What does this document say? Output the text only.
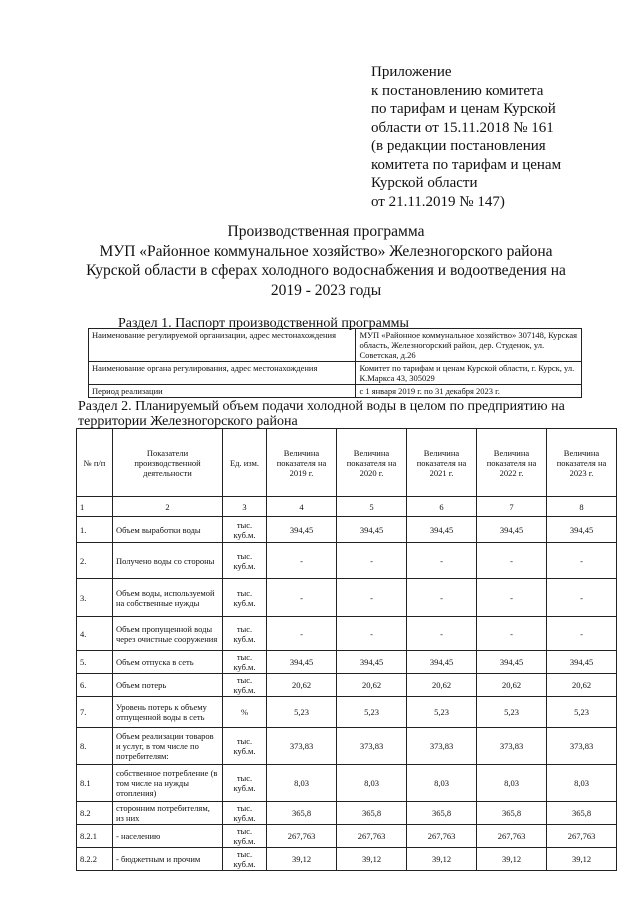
Приложение
к постановлению комитета
по тарифам и ценам Курской
области от 15.11.2018 № 161
(в редакции постановления
комитета по тарифам и ценам
Курской области
от 21.11.2019 № 147)
Производственная программа
МУП «Районное коммунальное хозяйство» Железногорского района
Курской области в сферах холодного водоснабжения и водоотведения на
2019 - 2023 годы
Раздел 1. Паспорт производственной программы
Наименование регулируемой организации, адрес местонахождения	МУП «Районное коммунальное хозяйство» 307148, Курская область, Железногорский район, дер. Студенок, ул. Советская, д.26
Наименование органа регулирования, адрес местонахождения	Комитет по тарифам и ценам Курской области, г. Курск, ул. К.Маркса 43, 305029
Период реализации	с 1 января 2019 г. по 31 декабря 2023 г.
Раздел 2. Планируемый объем подачи холодной воды в целом по предприятию на территории Железногорского района
№ п/п	Показатели производственной деятельности	Ед. изм.	Величина показателя на 2019 г.	Величина показателя на 2020 г.	Величина показателя на 2021 г.	Величина показателя на 2022 г.	Величина показателя на 2023 г.
1	2	3	4	5	6	7	8
1.	Объем выработки воды	тыс. куб.м.	394,45	394,45	394,45	394,45	394,45
2.	Получено воды со стороны	тыс. куб.м.	-	-	-	-	-
3.	Объем воды, используемой на собственные нужды	тыс. куб.м.	-	-	-	-	-
4.	Объем пропущенной воды через очистные сооружения	тыс. куб.м.	-	-	-	-	-
5.	Объем отпуска в сеть	тыс. куб.м.	394,45	394,45	394,45	394,45	394,45
6.	Объем потерь	тыс. куб.м.	20,62	20,62	20,62	20,62	20,62
7.	Уровень потерь к объему отпущенной воды в сеть	%	5,23	5,23	5,23	5,23	5,23
8.	Объем реализации товаров и услуг, в том числе по потребителям:	тыс. куб.м.	373,83	373,83	373,83	373,83	373,83
8.1	собственное потребление (в том числе на нужды отопления)	тыс. куб.м.	8,03	8,03	8,03	8,03	8,03
8.2	сторонним потребителям, из них	тыс. куб.м.	365,8	365,8	365,8	365,8	365,8
8.2.1	- населению	тыс. куб.м.	267,763	267,763	267,763	267,763	267,763
8.2.2	- бюджетным и прочим	тыс. куб.м.	39,12	39,12	39,12	39,12	39,12
